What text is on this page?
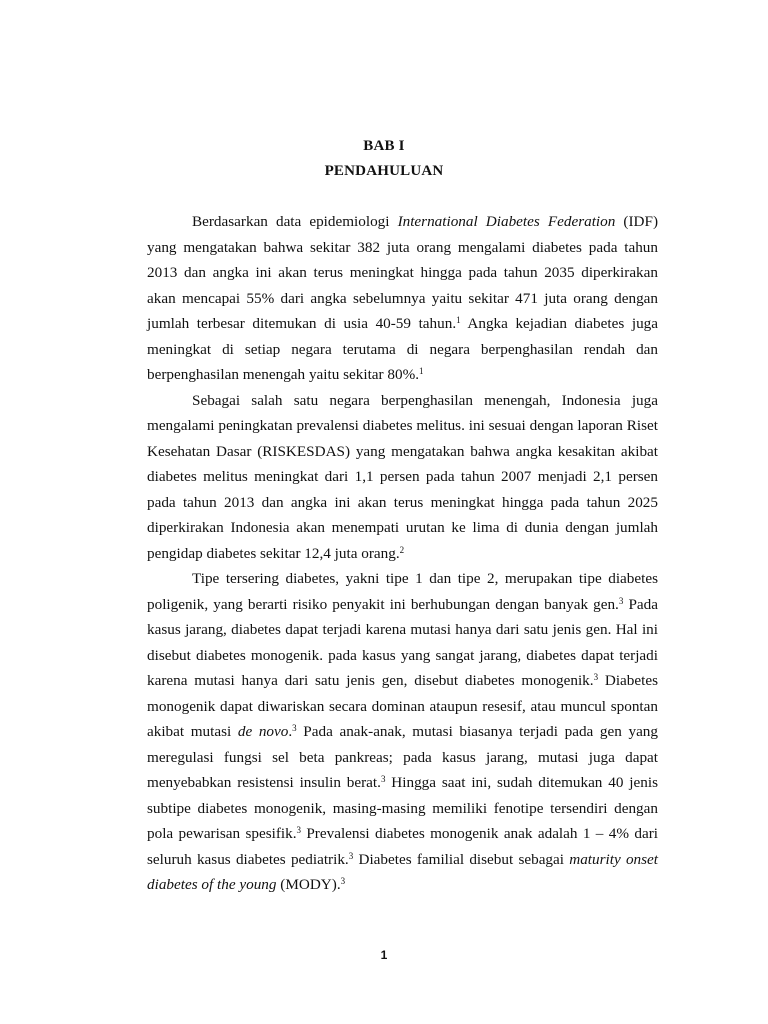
BAB I
PENDAHULUAN

Berdasarkan data epidemiologi International Diabetes Federation (IDF) yang mengatakan bahwa sekitar 382 juta orang mengalami diabetes pada tahun 2013 dan angka ini akan terus meningkat hingga pada tahun 2035 diperkirakan akan mencapai 55% dari angka sebelumnya yaitu sekitar 471 juta orang dengan jumlah terbesar ditemukan di usia 40-59 tahun.$^1$ Angka kejadian diabetes juga meningkat di setiap negara terutama di negara berpenghasilan rendah dan berpenghasilan menengah yaitu sekitar 80%.$^1$

Sebagai salah satu negara berpenghasilan menengah, Indonesia juga mengalami peningkatan prevalensi diabetes melitus. ini sesuai dengan laporan Riset Kesehatan Dasar (RISKESDAS) yang mengatakan bahwa angka kesakitan akibat diabetes melitus meningkat dari 1,1 persen pada tahun 2007 menjadi 2,1 persen pada tahun 2013 dan angka ini akan terus meningkat hingga pada tahun 2025 diperkirakan Indonesia akan menempati urutan ke lima di dunia dengan jumlah pengidap diabetes sekitar 12,4 juta orang.$^2$

Tipe tersering diabetes, yakni tipe 1 dan tipe 2, merupakan tipe diabetes poligenik, yang berarti risiko penyakit ini berhubungan dengan banyak gen.$^3$ Pada kasus jarang, diabetes dapat terjadi karena mutasi hanya dari satu jenis gen. Hal ini disebut diabetes monogenik. pada kasus yang sangat jarang, diabetes dapat terjadi karena mutasi hanya dari satu jenis gen, disebut diabetes monogenik.$^3$ Diabetes monogenik dapat diwariskan secara dominan ataupun resesif, atau muncul spontan akibat mutasi de novo.$^3$ Pada anak-anak, mutasi biasanya terjadi pada gen yang meregulasi fungsi sel beta pankreas; pada kasus jarang, mutasi juga dapat menyebabkan resistensi insulin berat.$^3$ Hingga saat ini, sudah ditemukan 40 jenis subtipe diabetes monogenik, masing-masing memiliki fenotipe tersendiri dengan pola pewarisan spesifik.$^3$ Prevalensi diabetes monogenik anak adalah 1 – 4% dari seluruh kasus diabetes pediatrik.$^3$ Diabetes familial disebut sebagai maturity onset diabetes of the young (MODY).$^3$

1
